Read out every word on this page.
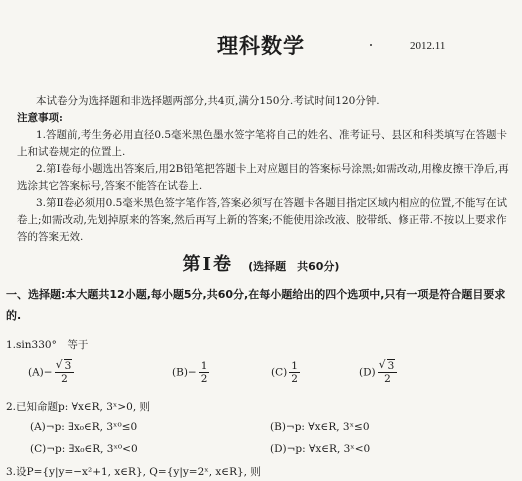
理科数学	2012.11
本试卷分为选择题和非选择题两部分,共4页,满分150分.考试时间120分钟.
注意事项:
1.答题前,考生务必用直径0.5毫米黑色墨水签字笔将自己的姓名、准考证号、县区和科类填写在答题卡上和试卷规定的位置上.
2.第Ⅰ卷每小题选出答案后,用2B铅笔把答题卡上对应题目的答案标号涂黑;如需改动,用橡皮擦干净后,再选涂其它答案标号,答案不能答在试卷上.
3.第Ⅱ卷必须用0.5毫米黑色签字笔作答,答案必须写在答题卡各题目指定区域内相应的位置,不能写在试卷上;如需改动,先划掉原来的答案,然后再写上新的答案;不能使用涂改液、胶带纸、修正带.不按以上要求作答的答案无效.
第Ⅰ卷 (选择题　共60分)
一、选择题:本大题共12小题,每小题5分,共60分,在每小题给出的四个选项中,只有一项是符合题目要求的.
1.sin330°　等于
(A)− √ $\frac{3}{2}$	$(B)- \frac{1}{2}$	$(C) \frac{1}{2}$	(D) √ $\frac{3}{2}$
2.已知命题p: ∀x∈R, 3ˣ>0, 则
(A)¬p: ∃x₀∈R, 3ˣ⁰≤0	(B)¬p: ∀x∈R, 3ˣ≤0
(C)¬p: ∃x₀∈R, 3ˣ⁰<0	(D)¬p: ∀x∈R, 3ˣ<0
3.设P={y|y=−x²+1, x∈R}, Q={y|y=2ˣ, x∈R}, 则
